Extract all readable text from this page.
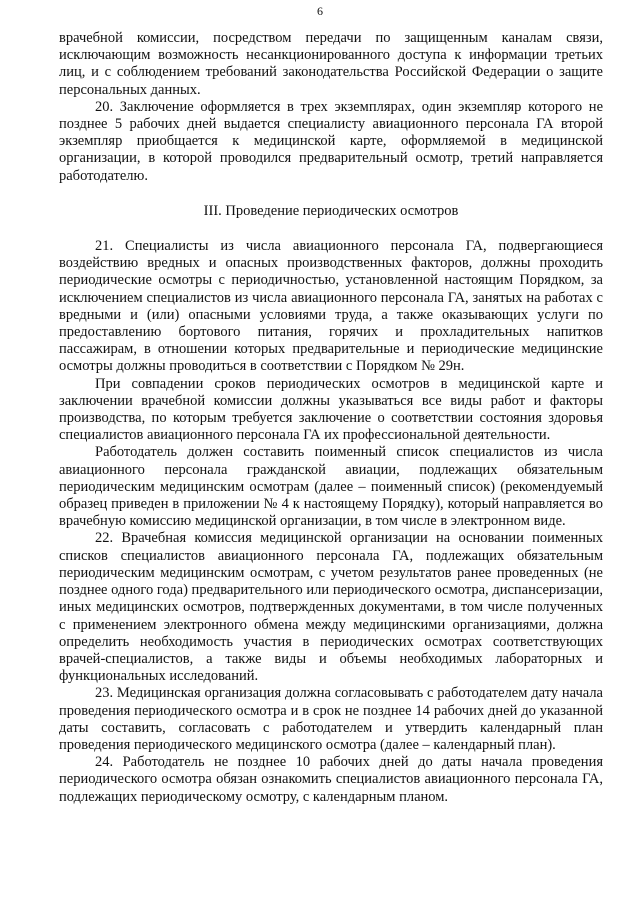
6

врачебной комиссии, посредством передачи по защищенным каналам связи, исключающим возможность несанкционированного доступа к информации третьих лиц, и с соблюдением требований законодательства Российской Федерации о защите персональных данных.

20. Заключение оформляется в трех экземплярах, один экземпляр которого не позднее 5 рабочих дней выдается специалисту авиационного персонала ГА второй экземпляр приобщается к медицинской карте, оформляемой в медицинской организации, в которой проводился предварительный осмотр, третий направляется работодателю.

III. Проведение периодических осмотров

21. Специалисты из числа авиационного персонала ГА, подвергающиеся воздействию вредных и опасных производственных факторов, должны проходить периодические осмотры с периодичностью, установленной настоящим Порядком, за исключением специалистов из числа авиационного персонала ГА, занятых на работах с вредными и (или) опасными условиями труда, а также оказывающих услуги по предоставлению бортового питания, горячих и прохладительных напитков пассажирам, в отношении которых предварительные и периодические медицинские осмотры должны проводиться в соответствии с Порядком № 29н.

При совпадении сроков периодических осмотров в медицинской карте и заключении врачебной комиссии должны указываться все виды работ и факторы производства, по которым требуется заключение о соответствии состояния здоровья специалистов авиационного персонала ГА их профессиональной деятельности.

Работодатель должен составить поименный список специалистов из числа авиационного персонала гражданской авиации, подлежащих обязательным периодическим медицинским осмотрам (далее – поименный список) (рекомендуемый образец приведен в приложении № 4 к настоящему Порядку), который направляется во врачебную комиссию медицинской организации, в том числе в электронном виде.

22. Врачебная комиссия медицинской организации на основании поименных списков специалистов авиационного персонала ГА, подлежащих обязательным периодическим медицинским осмотрам, с учетом результатов ранее проведенных (не позднее одного года) предварительного или периодического осмотра, диспансеризации, иных медицинских осмотров, подтвержденных документами, в том числе полученных с применением электронного обмена между медицинскими организациями, должна определить необходимость участия в периодических осмотрах соответствующих врачей-специалистов, а также виды и объемы необходимых лабораторных и функциональных исследований.

23. Медицинская организация должна согласовывать с работодателем дату начала проведения периодического осмотра и в срок не позднее 14 рабочих дней до указанной даты составить, согласовать с работодателем и утвердить календарный план проведения периодического медицинского осмотра (далее – календарный план).

24. Работодатель не позднее 10 рабочих дней до даты начала проведения периодического осмотра обязан ознакомить специалистов авиационного персонала ГА, подлежащих периодическому осмотру, с календарным планом.
